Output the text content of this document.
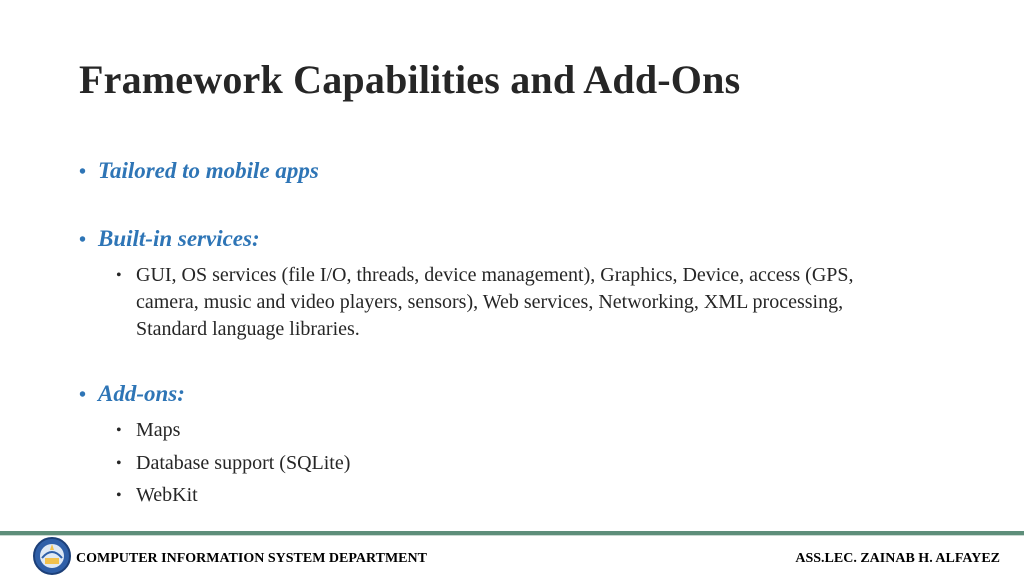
Framework Capabilities and Add-Ons
• Tailored to mobile apps
• Built-in services:
• GUI, OS services (file I/O, threads, device management), Graphics, Device, access (GPS, camera, music and video players, sensors), Web services, Networking, XML processing, Standard language libraries.
• Add-ons:
• Maps
• Database support (SQLite)
• WebKit
COMPUTER INFORMATION SYSTEM DEPARTMENT	ASS.LEC. ZAINAB H. ALFAYEZ
